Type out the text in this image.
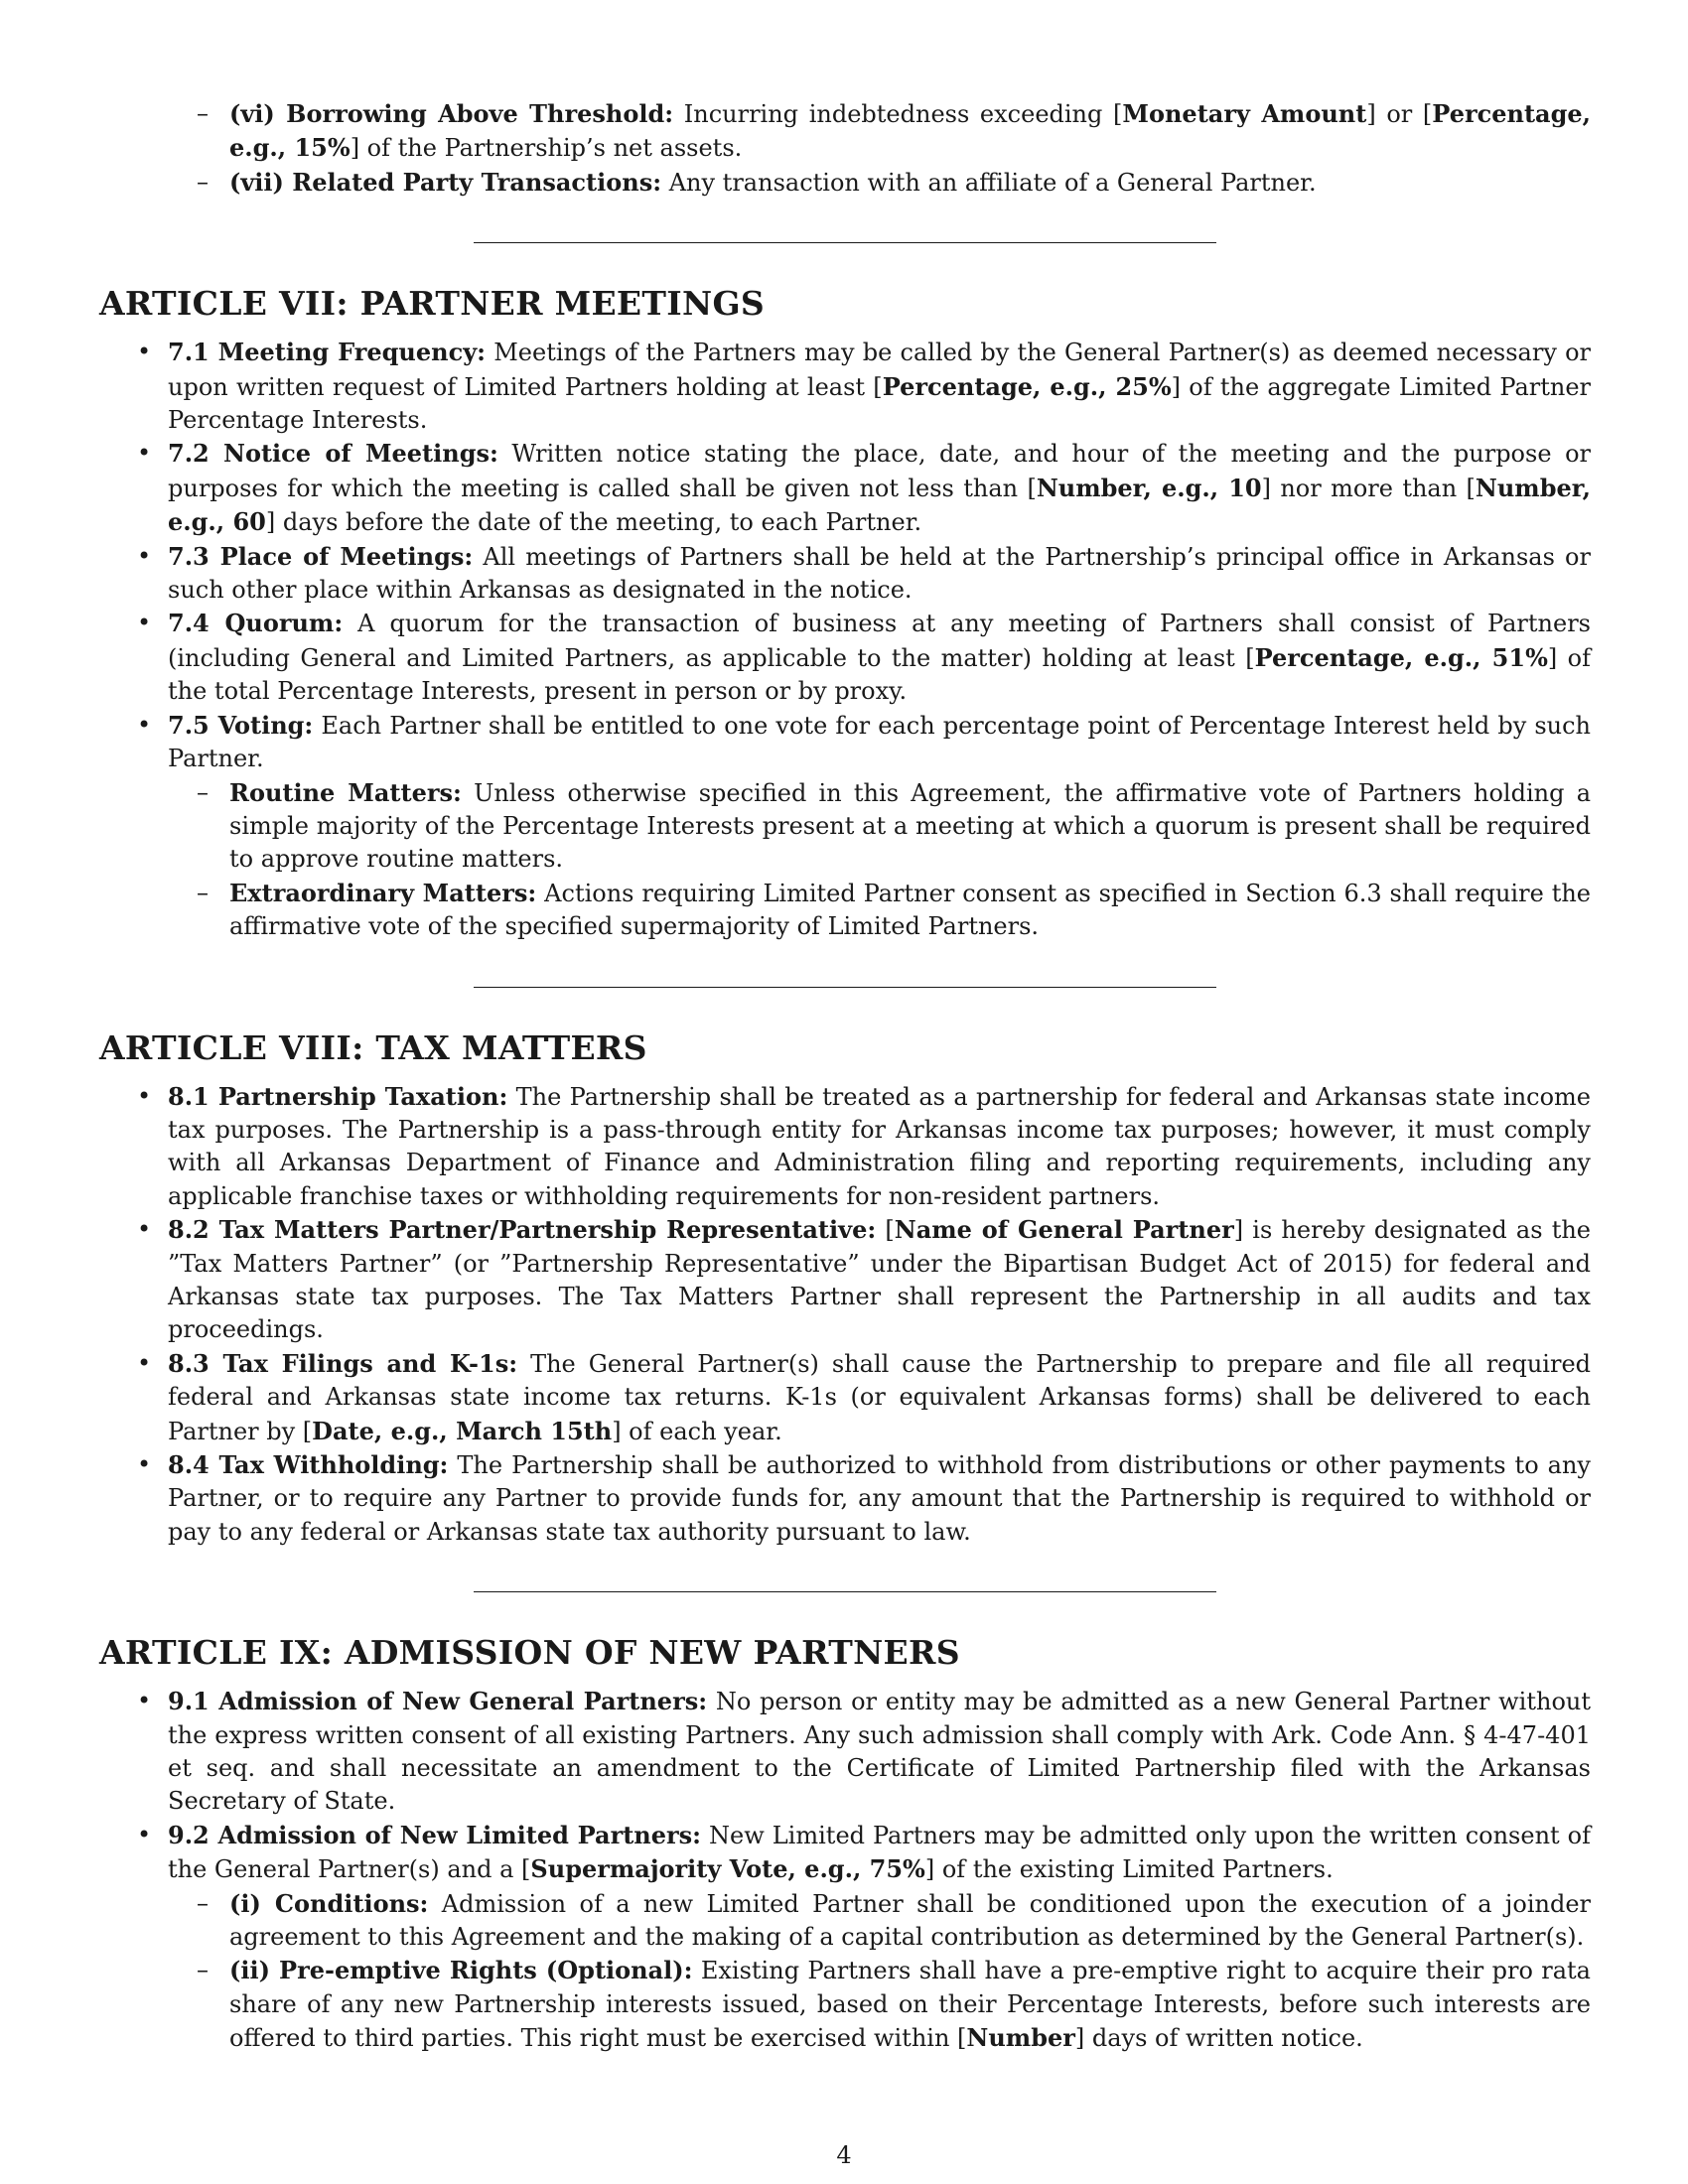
– (vi) Borrowing Above Threshold: Incurring indebtedness exceeding [Monetary Amount] or [Percentage, e.g., 15%] of the Partnership’s net assets.
– (vii) Related Party Transactions: Any transaction with an affiliate of a General Partner.
ARTICLE VII: PARTNER MEETINGS
• 7.1 Meeting Frequency: Meetings of the Partners may be called by the General Partner(s) as deemed necessary or upon written request of Limited Partners holding at least [Percentage, e.g., 25%] of the aggregate Limited Partner Percentage Interests.
• 7.2 Notice of Meetings: Written notice stating the place, date, and hour of the meeting and the purpose or purposes for which the meeting is called shall be given not less than [Number, e.g., 10] nor more than [Number, e.g., 60] days before the date of the meeting, to each Partner.
• 7.3 Place of Meetings: All meetings of Partners shall be held at the Partnership’s principal office in Arkansas or such other place within Arkansas as designated in the notice.
• 7.4 Quorum: A quorum for the transaction of business at any meeting of Partners shall consist of Partners (including General and Limited Partners, as applicable to the matter) holding at least [Percentage, e.g., 51%] of the total Percentage Interests, present in person or by proxy.
• 7.5 Voting: Each Partner shall be entitled to one vote for each percentage point of Percentage Interest held by such Partner.
– Routine Matters: Unless otherwise specified in this Agreement, the affirmative vote of Partners holding a simple majority of the Percentage Interests present at a meeting at which a quorum is present shall be required to approve routine matters.
– Extraordinary Matters: Actions requiring Limited Partner consent as specified in Section 6.3 shall require the affirmative vote of the specified supermajority of Limited Partners.
ARTICLE VIII: TAX MATTERS
• 8.1 Partnership Taxation: The Partnership shall be treated as a partnership for federal and Arkansas state income tax purposes. The Partnership is a pass-through entity for Arkansas income tax purposes; however, it must comply with all Arkansas Department of Finance and Administration filing and reporting requirements, including any applicable franchise taxes or withholding requirements for non-resident partners.
• 8.2 Tax Matters Partner/Partnership Representative: [Name of General Partner] is hereby designated as the ”Tax Matters Partner” (or ”Partnership Representative” under the Bipartisan Budget Act of 2015) for federal and Arkansas state tax purposes. The Tax Matters Partner shall represent the Partnership in all audits and tax proceedings.
• 8.3 Tax Filings and K-1s: The General Partner(s) shall cause the Partnership to prepare and file all required federal and Arkansas state income tax returns. K-1s (or equivalent Arkansas forms) shall be delivered to each Partner by [Date, e.g., March 15th] of each year.
• 8.4 Tax Withholding: The Partnership shall be authorized to withhold from distributions or other payments to any Partner, or to require any Partner to provide funds for, any amount that the Partnership is required to withhold or pay to any federal or Arkansas state tax authority pursuant to law.
ARTICLE IX: ADMISSION OF NEW PARTNERS
• 9.1 Admission of New General Partners: No person or entity may be admitted as a new General Partner without the express written consent of all existing Partners. Any such admission shall comply with Ark. Code Ann. § 4-47-401 et seq. and shall necessitate an amendment to the Certificate of Limited Partnership filed with the Arkansas Secretary of State.
• 9.2 Admission of New Limited Partners: New Limited Partners may be admitted only upon the written consent of the General Partner(s) and a [Supermajority Vote, e.g., 75%] of the existing Limited Partners.
– (i) Conditions: Admission of a new Limited Partner shall be conditioned upon the execution of a joinder agreement to this Agreement and the making of a capital contribution as determined by the General Partner(s).
– (ii) Pre-emptive Rights (Optional): Existing Partners shall have a pre-emptive right to acquire their pro rata share of any new Partnership interests issued, based on their Percentage Interests, before such interests are offered to third parties. This right must be exercised within [Number] days of written notice.
4
